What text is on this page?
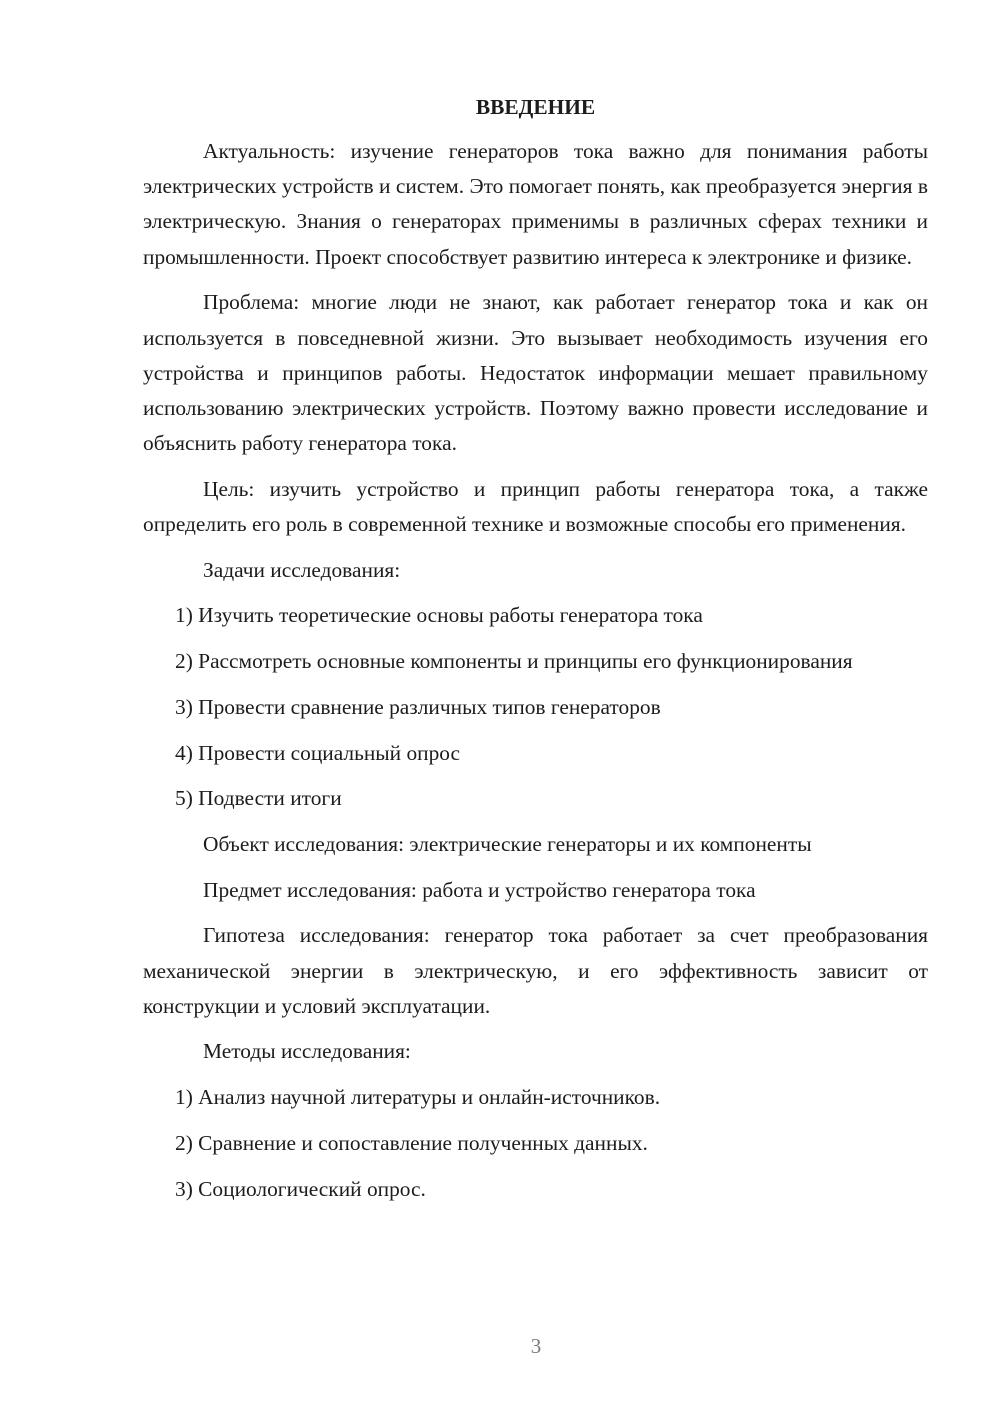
ВВЕДЕНИЕ

Актуальность: изучение генераторов тока важно для понимания работы электрических устройств и систем. Это помогает понять, как преобразуется энергия в электрическую. Знания о генераторах применимы в различных сферах техники и промышленности. Проект способствует развитию интереса к электронике и физике.

Проблема: многие люди не знают, как работает генератор тока и как он используется в повседневной жизни. Это вызывает необходимость изучения его устройства и принципов работы. Недостаток информации мешает правильному использованию электрических устройств. Поэтому важно провести исследование и объяснить работу генератора тока.

Цель: изучить устройство и принцип работы генератора тока, а также определить его роль в современной технике и возможные способы его применения.

Задачи исследования:

1) Изучить теоретические основы работы генератора тока

2) Рассмотреть основные компоненты и принципы его функционирования

3) Провести сравнение различных типов генераторов

4) Провести социальный опрос

5) Подвести итоги

Объект исследования: электрические генераторы и их компоненты

Предмет исследования: работа и устройство генератора тока

Гипотеза исследования: генератор тока работает за счет преобразования механической энергии в электрическую, и его эффективность зависит от конструкции и условий эксплуатации.

Методы исследования:

1) Анализ научной литературы и онлайн-источников.

2) Сравнение и сопоставление полученных данных.

3) Социологический опрос.

3
